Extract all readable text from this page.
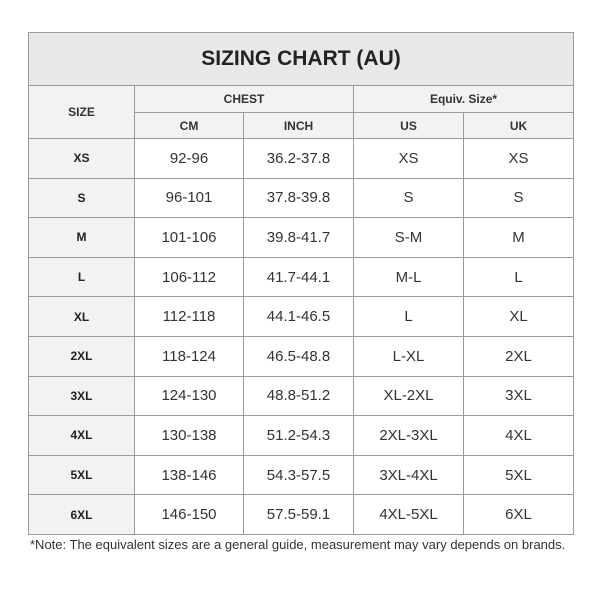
SIZING CHART (AU)				
SIZE	CHEST		Equiv. Size*	
	CM	INCH	US	UK
XS	92-96	36.2-37.8	XS	XS
S	96-101	37.8-39.8	S	S
M	101-106	39.8-41.7	S-M	M
L	106-112	41.7-44.1	M-L	L
XL	112-118	44.1-46.5	L	XL
2XL	118-124	46.5-48.8	L-XL	2XL
3XL	124-130	48.8-51.2	XL-2XL	3XL
4XL	130-138	51.2-54.3	2XL-3XL	4XL
5XL	138-146	54.3-57.5	3XL-4XL	5XL
6XL	146-150	57.5-59.1	4XL-5XL	6XL
*Note: The equivalent sizes are a general guide, measurement may vary depends on brands.
